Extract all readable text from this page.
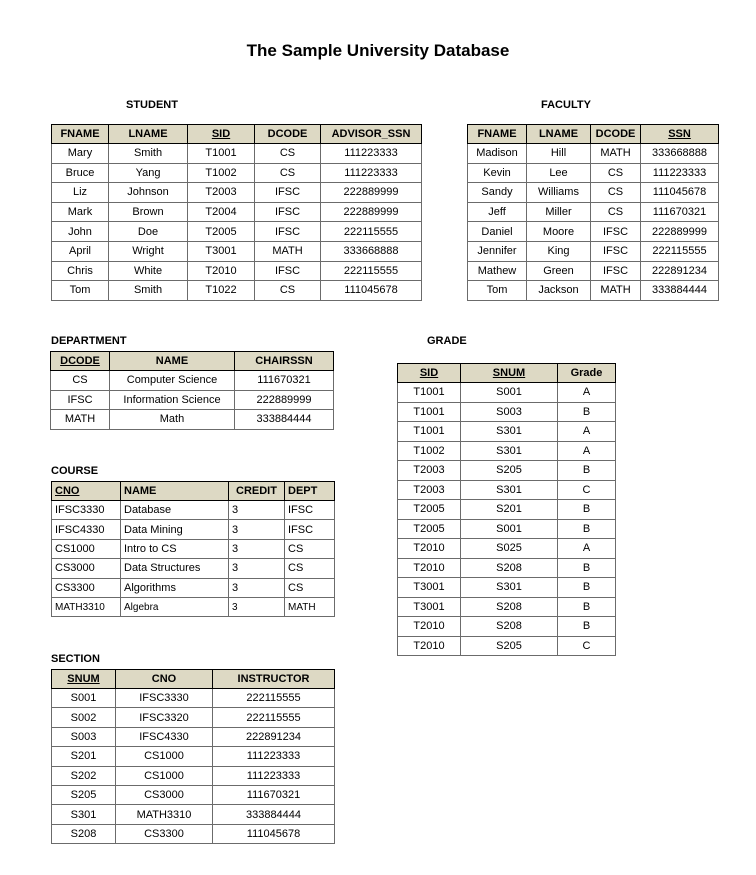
The Sample University Database
STUDENT	FACULTY
DEPARTMENT	GRADE
COURSE
SECTION
FNAME	LNAME	SID	DCODE	ADVISOR_SSN
Mary	Smith	T1001	CS	111223333
Bruce	Yang	T1002	CS	111223333
Liz	Johnson	T2003	IFSC	222889999
Mark	Brown	T2004	IFSC	222889999
John	Doe	T2005	IFSC	222115555
April	Wright	T3001	MATH	333668888
Chris	White	T2010	IFSC	222115555
Tom	Smith	T1022	CS	111045678
FNAME	LNAME	DCODE	SSN
Madison	Hill	MATH	333668888
Kevin	Lee	CS	111223333
Sandy	Williams	CS	111045678
Jeff	Miller	CS	111670321
Daniel	Moore	IFSC	222889999
Jennifer	King	IFSC	222115555
Mathew	Green	IFSC	222891234
Tom	Jackson	MATH	333884444
DCODE	NAME	CHAIRSSN
CS	Computer Science	111670321
IFSC	Information Science	222889999
MATH	Math	333884444
SID	SNUM	Grade
T1001	S001	A
T1001	S003	B
T1001	S301	A
T1002	S301	A
T2003	S205	B
T2003	S301	C
T2005	S201	B
T2005	S001	B
T2010	S025	A
T2010	S208	B
T3001	S301	B
T3001	S208	B
T2010	S208	B
T2010	S205	C
CNO	NAME	CREDIT	DEPT
IFSC3330	Database	3	IFSC
IFSC4330	Data Mining	3	IFSC
CS1000	Intro to CS	3	CS
CS3000	Data Structures	3	CS
CS3300	Algorithms	3	CS
MATH3310	Algebra	3	MATH
SNUM	CNO	INSTRUCTOR
S001	IFSC3330	222115555
S002	IFSC3320	222115555
S003	IFSC4330	222891234
S201	CS1000	111223333
S202	CS1000	111223333
S205	CS3000	111670321
S301	MATH3310	333884444
S208	CS3300	111045678
